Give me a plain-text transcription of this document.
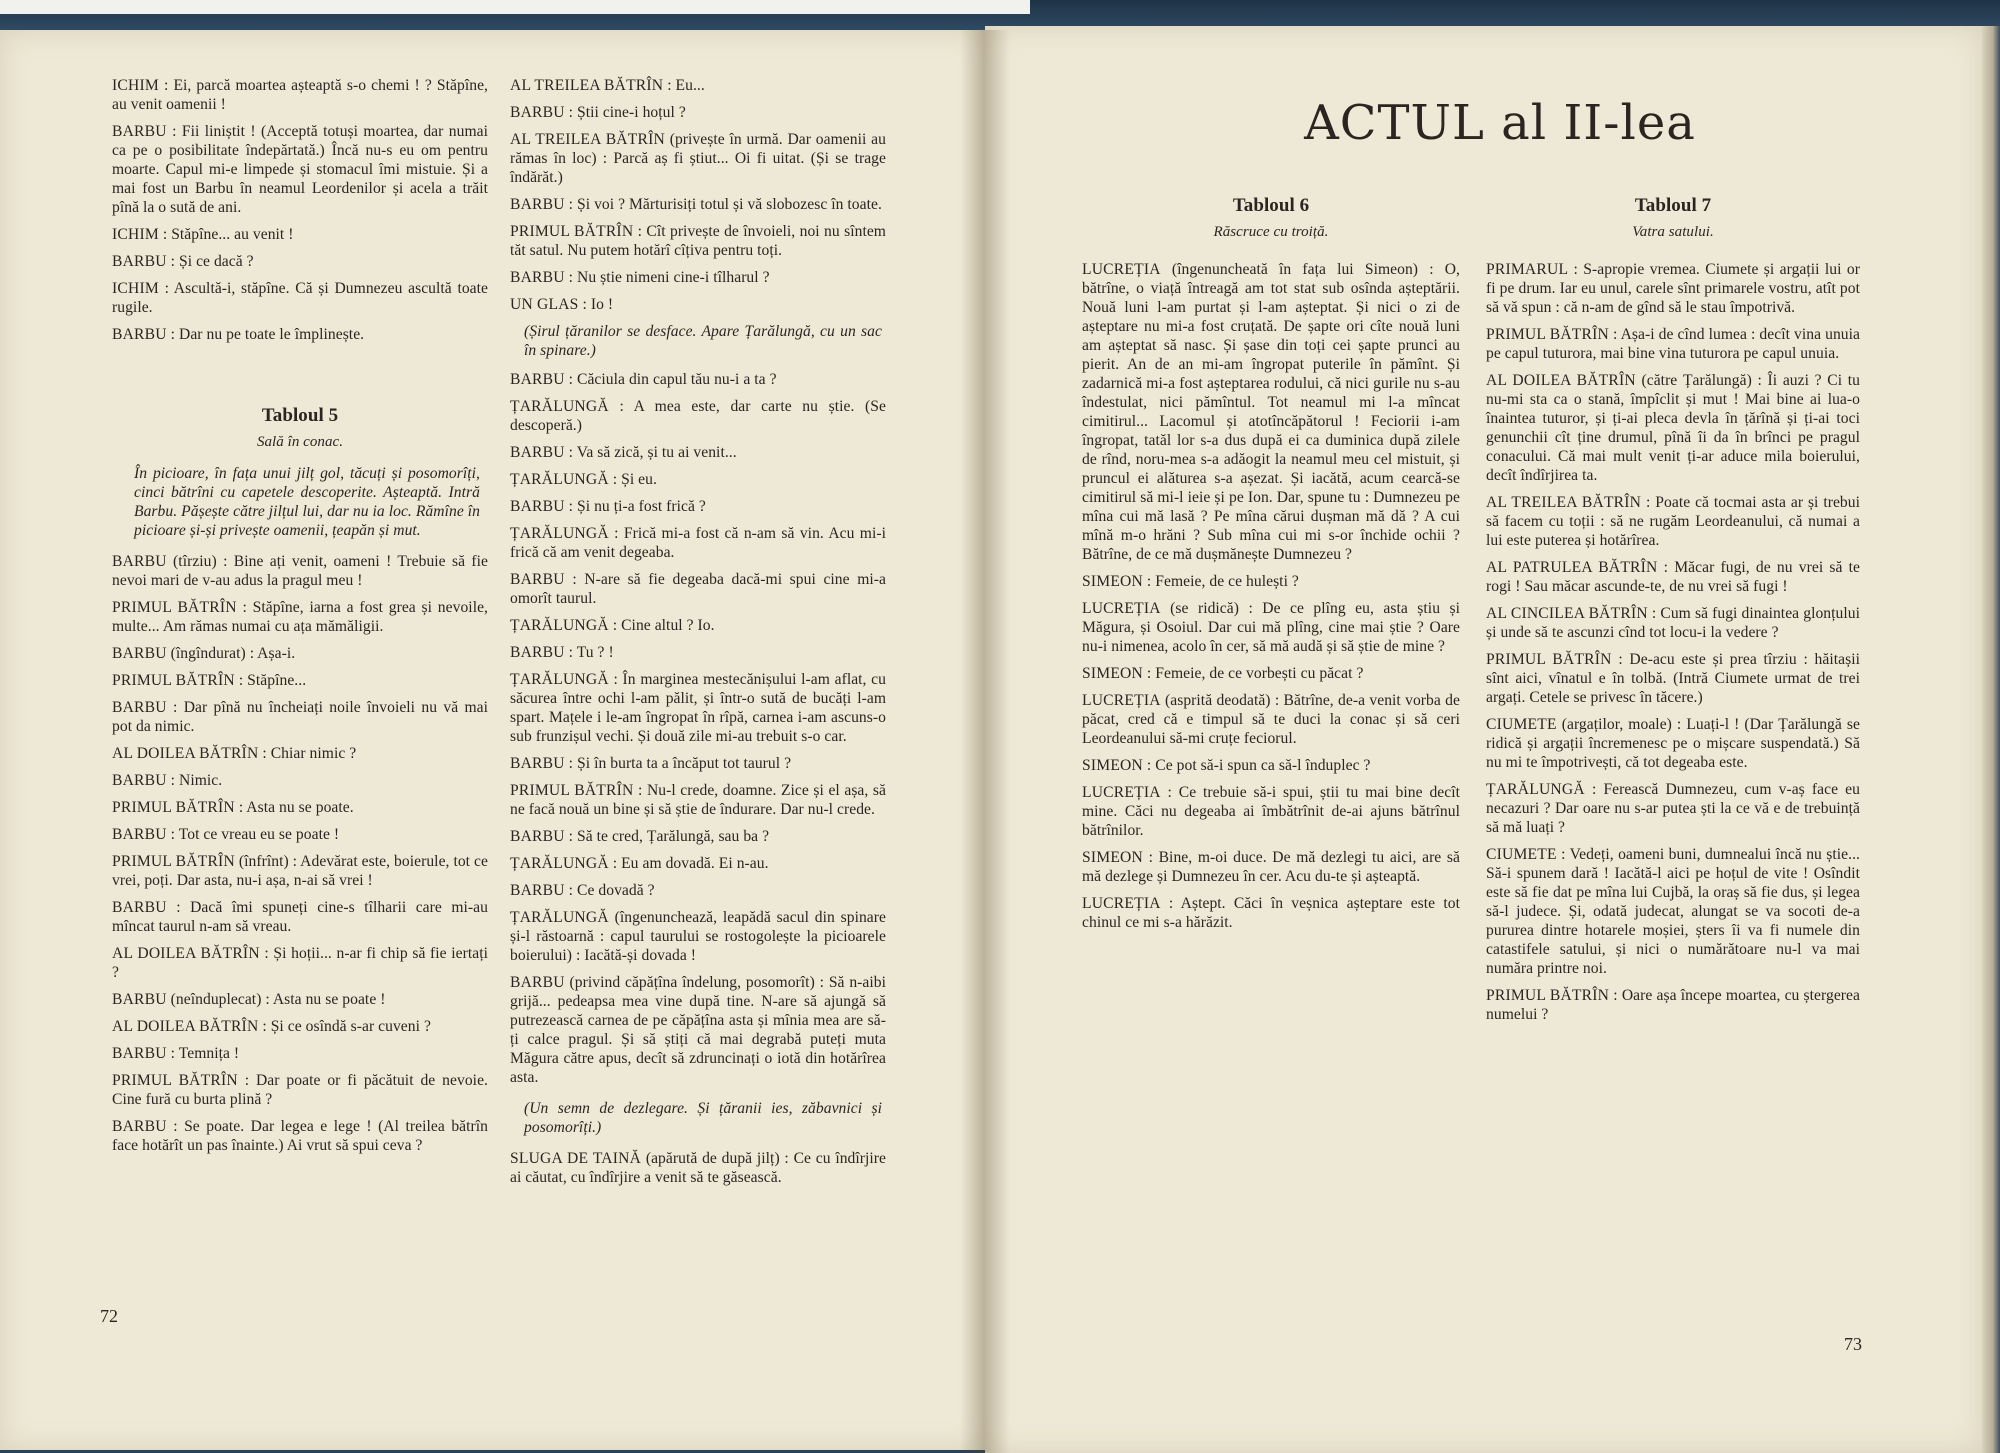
ICHIM : Ei, parcă moartea așteaptă s-o chemi ! ? Stăpîne, au venit oamenii !

BARBU : Fii liniștit ! (Acceptă totuși moartea, dar numai ca pe o posibilitate îndepărtată.) Încă nu-s eu om pentru moarte. Capul mi-e limpede și stomacul îmi mistuie. Și a mai fost un Barbu în neamul Leordenilor și acela a trăit pînă la o sută de ani.

ICHIM : Stăpîne... au venit !

BARBU : Și ce dacă ?

ICHIM : Ascultă-i, stăpîne. Că și Dumnezeu ascultă toate rugile.

BARBU : Dar nu pe toate le împlinește.

Tabloul 5
Sală în conac.

În picioare, în fața unui jilț gol, tăcuți și posomorîți, cinci bătrîni cu capetele descoperite. Așteaptă. Intră Barbu. Pășește către jilțul lui, dar nu ia loc. Rămîne în picioare și-și privește oamenii, țeapăn și mut.

BARBU (tîrziu) : Bine ați venit, oameni ! Trebuie să fie nevoi mari de v-au adus la pragul meu !

PRIMUL BĂTRÎN : Stăpîne, iarna a fost grea și nevoile, multe... Am rămas numai cu ața mămăligii.

BARBU (îngîndurat) : Așa-i.

PRIMUL BĂTRÎN : Stăpîne...

BARBU : Dar pînă nu încheiați noile învoieli nu vă mai pot da nimic.

AL DOILEA BĂTRÎN : Chiar nimic ?

BARBU : Nimic.

PRIMUL BĂTRÎN : Asta nu se poate.

BARBU : Tot ce vreau eu se poate !

PRIMUL BĂTRÎN (înfrînt) : Adevărat este, boierule, tot ce vrei, poți. Dar asta, nu-i așa, n-ai să vrei !

BARBU : Dacă îmi spuneți cine-s tîlharii care mi-au mîncat taurul n-am să vreau.

AL DOILEA BĂTRÎN : Și hoții... n-ar fi chip să fie iertați ?

BARBU (neînduplecat) : Asta nu se poate !

AL DOILEA BĂTRÎN : Și ce osîndă s-ar cuveni ?

BARBU : Temnița !

PRIMUL BĂTRÎN : Dar poate or fi păcătuit de nevoie. Cine fură cu burta plină ?

BARBU : Se poate. Dar legea e lege ! (Al treilea bătrîn face hotărît un pas înainte.) Ai vrut să spui ceva ?

AL TREILEA BĂTRÎN : Eu...

BARBU : Știi cine-i hoțul ?

AL TREILEA BĂTRÎN (privește în urmă. Dar oamenii au rămas în loc) : Parcă aș fi știut... Oi fi uitat. (Și se trage îndărăt.)

BARBU : Și voi ? Mărturisiți totul și vă slobozesc în toate.

PRIMUL BĂTRÎN : Cît privește de învoieli, noi nu sîntem tăt satul. Nu putem hotărî cîțiva pentru toți.

BARBU : Nu știe nimeni cine-i tîlharul ?

UN GLAS : Io !

(Șirul țăranilor se desface. Apare Țarălungă, cu un sac în spinare.)

BARBU : Căciula din capul tău nu-i a ta ?

ȚARĂLUNGĂ : A mea este, dar carte nu știe. (Se descoperă.)

BARBU : Va să zică, și tu ai venit...

ȚARĂLUNGĂ : Și eu.

BARBU : Și nu ți-a fost frică ?

ȚARĂLUNGĂ : Frică mi-a fost că n-am să vin. Acu mi-i frică că am venit degeaba.

BARBU : N-are să fie degeaba dacă-mi spui cine mi-a omorît taurul.

ȚARĂLUNGĂ : Cine altul ? Io.

BARBU : Tu ? !

ȚARĂLUNGĂ : În marginea mestecănișului l-am aflat, cu săcurea între ochi l-am pălit, și într-o sută de bucăți l-am spart. Mațele i le-am îngropat în rîpă, carnea i-am ascuns-o sub frunzișul vechi. Și două zile mi-au trebuit s-o car.

BARBU : Și în burta ta a încăput tot taurul ?

PRIMUL BĂTRÎN : Nu-l crede, doamne. Zice și el așa, să ne facă nouă un bine și să știe de îndurare. Dar nu-l crede.

BARBU : Să te cred, Țarălungă, sau ba ?

ȚARĂLUNGĂ : Eu am dovadă. Ei n-au.

BARBU : Ce dovadă ?

ȚARĂLUNGĂ (îngenunchează, leapădă sacul din spinare și-l răstoarnă : capul taurului se rostogolește la picioarele boierului) : Iacătă-și dovada !

BARBU (privind căpățîna îndelung, posomorît) : Să n-aibi grijă... pedeapsa mea vine după tine. N-are să ajungă să putrezească carnea de pe căpățîna asta și mînia mea are să-ți calce pragul. Și să știți că mai degrabă puteți muta Măgura către apus, decît să zdruncinați o iotă din hotărîrea asta.

(Un semn de dezlegare. Și țăranii ies, zăbavnici și posomorîți.)

SLUGA DE TAINĂ (apărută de după jilț) : Ce cu îndîrjire ai căutat, cu îndîrjire a venit să te găsească.

72
ACTUL al II-lea
Tabloul 6
Răscruce cu troiță.

LUCREȚIA (îngenuncheată în fața lui Simeon) : O, bătrîne, o viață întreagă am tot stat sub osînda așteptării. Nouă luni l-am purtat și l-am așteptat. Și nici o zi de așteptare nu mi-a fost cruțată. De șapte ori cîte nouă luni am așteptat să nasc. Și șase din toți cei șapte prunci au pierit. An de an mi-am îngropat puterile în pămînt. Și zadarnică mi-a fost așteptarea rodului, că nici gurile nu s-au îndestulat, nici pămîntul. Tot neamul mi l-a mîncat cimitirul... Lacomul și atotîncăpătorul ! Feciorii i-am îngropat, tatăl lor s-a dus după ei ca duminica după zilele de rînd, noru-mea s-a adăogit la neamul meu cel mistuit, și pruncul ei alăturea s-a așezat. Și iacătă, acum cearcă-se cimitirul să mi-l ieie și pe Ion. Dar, spune tu : Dumnezeu pe mîna cui mă lasă ? Pe mîna cărui dușman mă dă ? A cui mînă m-o hrăni ? Sub mîna cui mi s-or închide ochii ? Bătrîne, de ce mă dușmănește Dumnezeu ?

SIMEON : Femeie, de ce hulești ?

LUCREȚIA (se ridică) : De ce plîng eu, asta știu și Măgura, și Osoiul. Dar cui mă plîng, cine mai știe ? Oare nu-i nimenea, acolo în cer, să mă audă și să știe de mine ?

SIMEON : Femeie, de ce vorbești cu păcat ?

LUCREȚIA (asprită deodată) : Bătrîne, de-a venit vorba de păcat, cred că e timpul să te duci la conac și să ceri Leordeanului să-mi cruțe feciorul.

SIMEON : Ce pot să-i spun ca să-l înduplec ?

LUCREȚIA : Ce trebuie să-i spui, știi tu mai bine decît mine. Căci nu degeaba ai îmbătrînit de-ai ajuns bătrînul bătrînilor.

SIMEON : Bine, m-oi duce. De mă dezlegi tu aici, are să mă dezlege și Dumnezeu în cer. Acu du-te și așteaptă.

LUCREȚIA : Aștept. Căci în veșnica așteptare este tot chinul ce mi s-a hărăzit.

Tabloul 7
Vatra satului.

PRIMARUL : S-apropie vremea. Ciumete și argații lui or fi pe drum. Iar eu unul, carele sînt primarele vostru, atît pot să vă spun : că n-am de gînd să le stau împotrivă.

PRIMUL BĂTRÎN : Așa-i de cînd lumea : decît vina unuia pe capul tuturora, mai bine vina tuturora pe capul unuia.

AL DOILEA BĂTRÎN (către Țarălungă) : Îi auzi ? Ci tu nu-mi sta ca o stană, împîclit și mut ! Mai bine ai lua-o înaintea tuturor, și ți-ai pleca devla în țărînă și ți-ai toci genunchii cît ține drumul, pînă îi da în brînci pe pragul conacului. Că mai mult venit ți-ar aduce mila boierului, decît îndîrjirea ta.

AL TREILEA BĂTRÎN : Poate că tocmai asta ar și trebui să facem cu toții : să ne rugăm Leordeanului, că numai a lui este puterea și hotărîrea.

AL PATRULEA BĂTRÎN : Măcar fugi, de nu vrei să te rogi ! Sau măcar ascunde-te, de nu vrei să fugi !

AL CINCILEA BĂTRÎN : Cum să fugi dinaintea glonțului și unde să te ascunzi cînd tot locu-i la vedere ?

PRIMUL BĂTRÎN : De-acu este și prea tîrziu : hăitașii sînt aici, vînatul e în tolbă. (Intră Ciumete urmat de trei argați. Cetele se privesc în tăcere.)

CIUMETE (argaților, moale) : Luați-l ! (Dar Țarălungă se ridică și argații încremenesc pe o mișcare suspendată.) Să nu mi te împotrivești, că tot degeaba este.

ȚARĂLUNGĂ : Ferească Dumnezeu, cum v-aș face eu necazuri ? Dar oare nu s-ar putea ști la ce vă e de trebuință să mă luați ?

CIUMETE : Vedeți, oameni buni, dumnealui încă nu știe... Să-i spunem dară ! Iacătă-l aici pe hoțul de vite ! Osîndit este să fie dat pe mîna lui Cujbă, la oraș să fie dus, și legea să-l judece. Și, odată judecat, alungat se va socoti de-a pururea dintre hotarele moșiei, șters îi va fi numele din catastifele satului, și nici o numărătoare nu-l va mai număra printre noi.

PRIMUL BĂTRÎN : Oare așa începe moartea, cu ștergerea numelui ?

73
